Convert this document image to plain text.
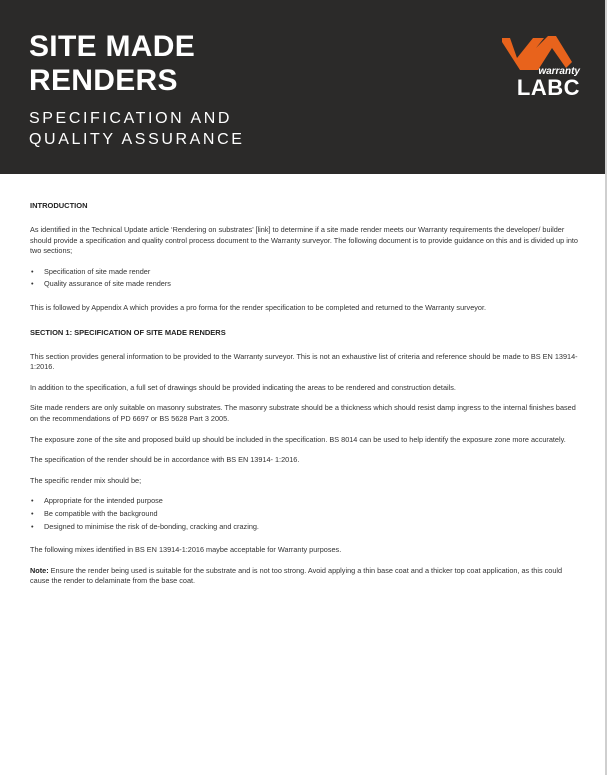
SITE MADE
RENDERS
SPECIFICATION AND
QUALITY ASSURANCE
warranty
LABC
INTRODUCTION

As identified in the Technical Update article ‘Rendering on substrates’ [link] to determine if a site made render meets our Warranty requirements the developer/ builder should provide a specification and quality control process document to the Warranty surveyor. The following document is to provide guidance on this and is divided up into two sections;

• Specification of site made render
• Quality assurance of site made renders

This is followed by Appendix A which provides a pro forma for the render specification to be completed and returned to the Warranty surveyor.

SECTION 1: SPECIFICATION OF SITE MADE RENDERS

This section provides general information to be provided to the Warranty surveyor. This is not an exhaustive list of criteria and reference should be made to BS EN 13914- 1:2016.

In addition to the specification, a full set of drawings should be provided indicating the areas to be rendered and construction details.

Site made renders are only suitable on masonry substrates. The masonry substrate should be a thickness which should resist damp ingress to the internal finishes based on the recommendations of PD 6697 or BS 5628 Part 3 2005.

The exposure zone of the site and proposed build up should be included in the specification. BS 8014 can be used to help identify the exposure zone more accurately.

The specification of the render should be in accordance with BS EN 13914- 1:2016.

The specific render mix should be;

• Appropriate for the intended purpose
• Be compatible with the background
• Designed to minimise the risk of de-bonding, cracking and crazing.

The following mixes identified in BS EN 13914-1:2016 maybe acceptable for Warranty purposes.

Note: Ensure the render being used is suitable for the substrate and is not too strong. Avoid applying a thin base coat and a thicker top coat application, as this could cause the render to delaminate from the base coat.
